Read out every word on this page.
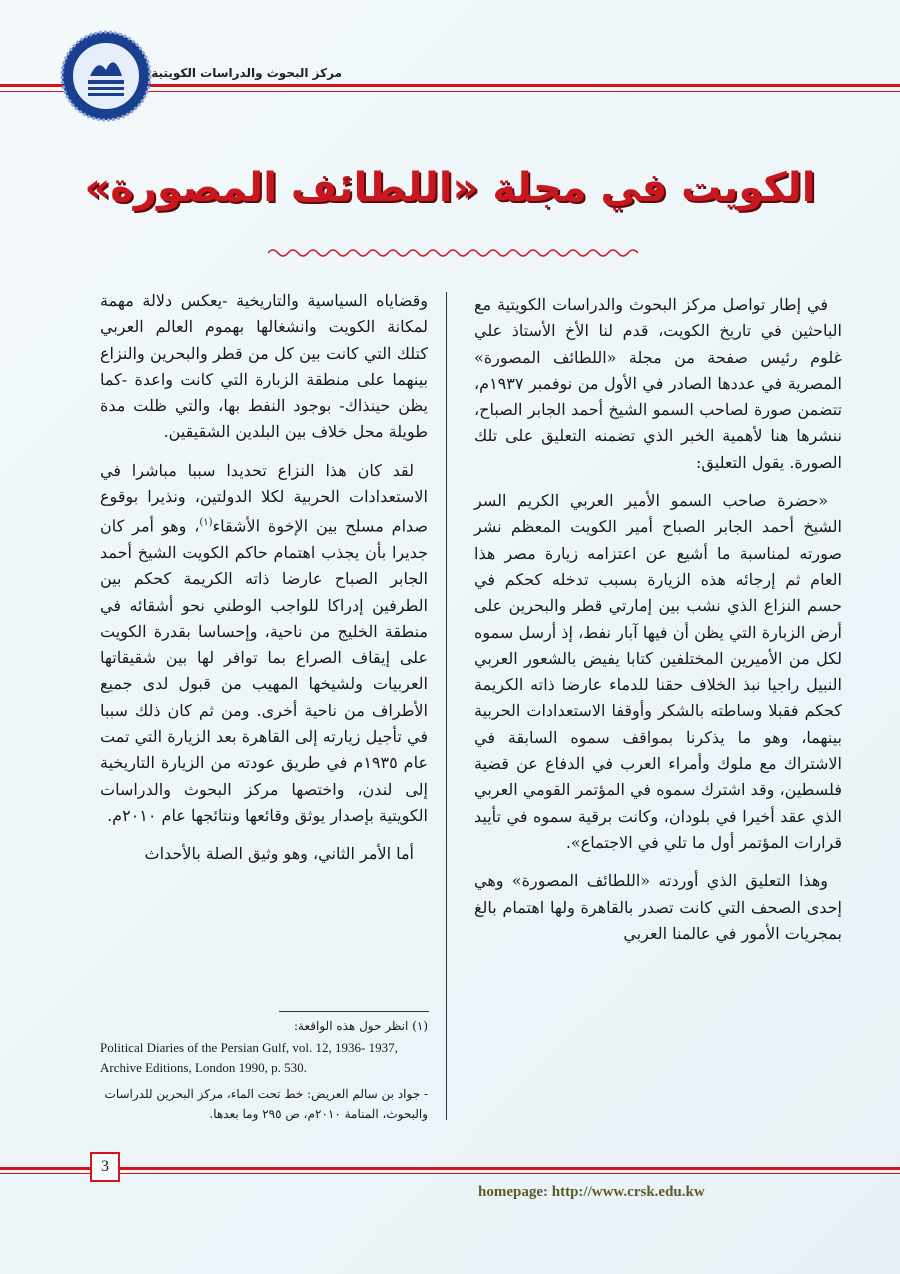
مركز البحوث والدراسات الكويتية
الكويت في مجلة «اللطائف المصورة»

في إطار تواصل مركز البحوث والدراسات الكويتية مع الباحثين في تاريخ الكويت، قدم لنا الأخ الأستاذ علي غلوم رئيس صفحة من مجلة «اللطائف المصورة» المصرية في عددها الصادر في الأول من نوفمبر ١٩٣٧م، تتضمن صورة لصاحب السمو الشيخ أحمد الجابر الصباح، ننشرها هنا لأهمية الخبر الذي تضمنه التعليق على تلك الصورة. يقول التعليق:

«حضرة صاحب السمو الأمير العربي الكريم السر الشيخ أحمد الجابر الصباح أمير الكويت المعظم نشر صورته لمناسبة ما أشيع عن اعتزامه زيارة مصر هذا العام ثم إرجائه هذه الزيارة بسبب تدخله كحكم في حسم النزاع الذي نشب بين إمارتي قطر والبحرين على أرض الزبارة التي يظن أن فيها آبار نفط، إذ أرسل سموه لكل من الأميرين المختلفين كتابا يفيض بالشعور العربي النبيل راجيا نبذ الخلاف حقنا للدماء عارضا ذاته الكريمة كحكم فقبلا وساطته بالشكر وأوقفا الاستعدادات الحربية بينهما، وهو ما يذكرنا بمواقف سموه السابقة في الاشتراك مع ملوك وأمراء العرب في الدفاع عن قضية فلسطين، وقد اشترك سموه في المؤتمر القومي العربي الذي عقد أخيرا في بلودان، وكانت برقية سموه في تأييد قرارات المؤتمر أول ما تلي في الاجتماع».

وهذا التعليق الذي أوردته «اللطائف المصورة» وهي إحدى الصحف التي كانت تصدر بالقاهرة ولها اهتمام بالغ بمجريات الأمور في عالمنا العربي

وقضاياه السياسية والتاريخية -يعكس دلالة مهمة لمكانة الكويت وانشغالها بهموم العالم العربي كتلك التي كانت بين كل من قطر والبحرين والنزاع بينهما على منطقة الزبارة التي كانت واعدة -كما يظن حينذاك- بوجود النفط بها، والتي ظلت مدة طويلة محل خلاف بين البلدين الشقيقين.

لقد كان هذا النزاع تحديدا سببا مباشرا في الاستعدادات الحربية لكلا الدولتين، ونذيرا بوقوع صدام مسلح بين الإخوة الأشقاء$^{(١)}$، وهو أمر كان جديرا بأن يجذب اهتمام حاكم الكويت الشيخ أحمد الجابر الصباح عارضا ذاته الكريمة كحكم بين الطرفين إدراكا للواجب الوطني نحو أشقائه في منطقة الخليج من ناحية، وإحساسا بقدرة الكويت على إيقاف الصراع بما توافر لها بين شقيقاتها العربيات ولشيخها المهيب من قبول لدى جميع الأطراف من ناحية أخرى. ومن ثم كان ذلك سببا في تأجيل زيارته إلى القاهرة بعد الزيارة التي تمت عام ١٩٣٥م في طريق عودته من الزيارة التاريخية إلى لندن، واختصها مركز البحوث والدراسات الكويتية بإصدار يوثق وقائعها ونتائجها عام ٢٠١٠م.

أما الأمر الثاني، وهو وثيق الصلة بالأحداث

(١) انظر حول هذه الواقعة:
Political Diaries of the Persian Gulf, vol. 12, 1936- 1937, Archive Editions, London 1990, p. 530.
- جواد بن سالم العريض: خط تحت الماء، مركز البحرين للدراسات والبحوث، المنامة ٢٠١٠م، ص ٢٩٥ وما بعدها.
3
homepage: http://www.crsk.edu.kw
